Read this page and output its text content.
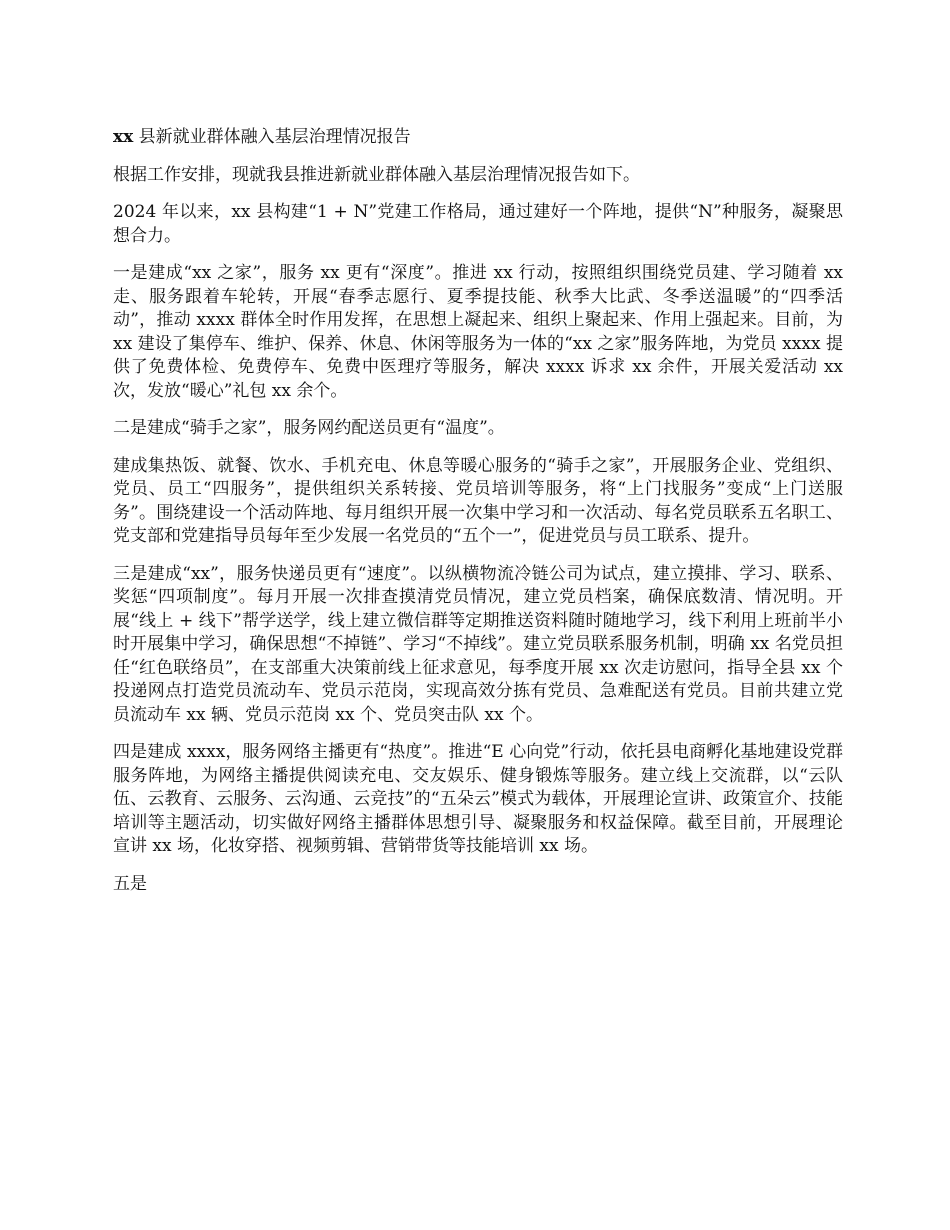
xx 县新就业群体融入基层治理情况报告

根据工作安排，现就我县推进新就业群体融入基层治理情况报告如下。

2024 年以来，xx 县构建“1 + N”党建工作格局，通过建好一个阵地，提供“N”种服务，凝聚思想合力。

一是建成“xx 之家”，服务 xx 更有“深度”。推进 xx 行动，按照组织围绕党员建、学习随着 xx 走、服务跟着车轮转，开展“春季志愿行、夏季提技能、秋季大比武、冬季送温暖”的“四季活动”，推动 xxxx 群体全时作用发挥，在思想上凝起来、组织上聚起来、作用上强起来。目前，为 xx 建设了集停车、维护、保养、休息、休闲等服务为一体的“xx 之家”服务阵地，为党员 xxxx 提供了免费体检、免费停车、免费中医理疗等服务，解决 xxxx 诉求 xx 余件，开展关爱活动 xx 次，发放“暖心”礼包 xx 余个。

二是建成“骑手之家”，服务网约配送员更有“温度”。

建成集热饭、就餐、饮水、手机充电、休息等暖心服务的“骑手之家”，开展服务企业、党组织、党员、员工“四服务”，提供组织关系转接、党员培训等服务，将“上门找服务”变成“上门送服务”。围绕建设一个活动阵地、每月组织开展一次集中学习和一次活动、每名党员联系五名职工、党支部和党建指导员每年至少发展一名党员的“五个一”，促进党员与员工联系、提升。

三是建成“xx”，服务快递员更有“速度”。以纵横物流冷链公司为试点，建立摸排、学习、联系、奖惩“四项制度”。每月开展一次排查摸清党员情况，建立党员档案，确保底数清、情况明。开展“线上 + 线下”帮学送学，线上建立微信群等定期推送资料随时随地学习，线下利用上班前半小时开展集中学习，确保思想“不掉链”、学习“不掉线”。建立党员联系服务机制，明确 xx 名党员担任“红色联络员”，在支部重大决策前线上征求意见，每季度开展 xx 次走访慰问，指导全县 xx 个投递网点打造党员流动车、党员示范岗，实现高效分拣有党员、急难配送有党员。目前共建立党员流动车 xx 辆、党员示范岗 xx 个、党员突击队 xx 个。

四是建成 xxxx，服务网络主播更有“热度”。推进“E 心向党”行动，依托县电商孵化基地建设党群服务阵地，为网络主播提供阅读充电、交友娱乐、健身锻炼等服务。建立线上交流群，以“云队伍、云教育、云服务、云沟通、云竞技”的“五朵云”模式为载体，开展理论宣讲、政策宣介、技能培训等主题活动，切实做好网络主播群体思想引导、凝聚服务和权益保障。截至目前，开展理论宣讲 xx 场，化妆穿搭、视频剪辑、营销带货等技能培训 xx 场。

五是
